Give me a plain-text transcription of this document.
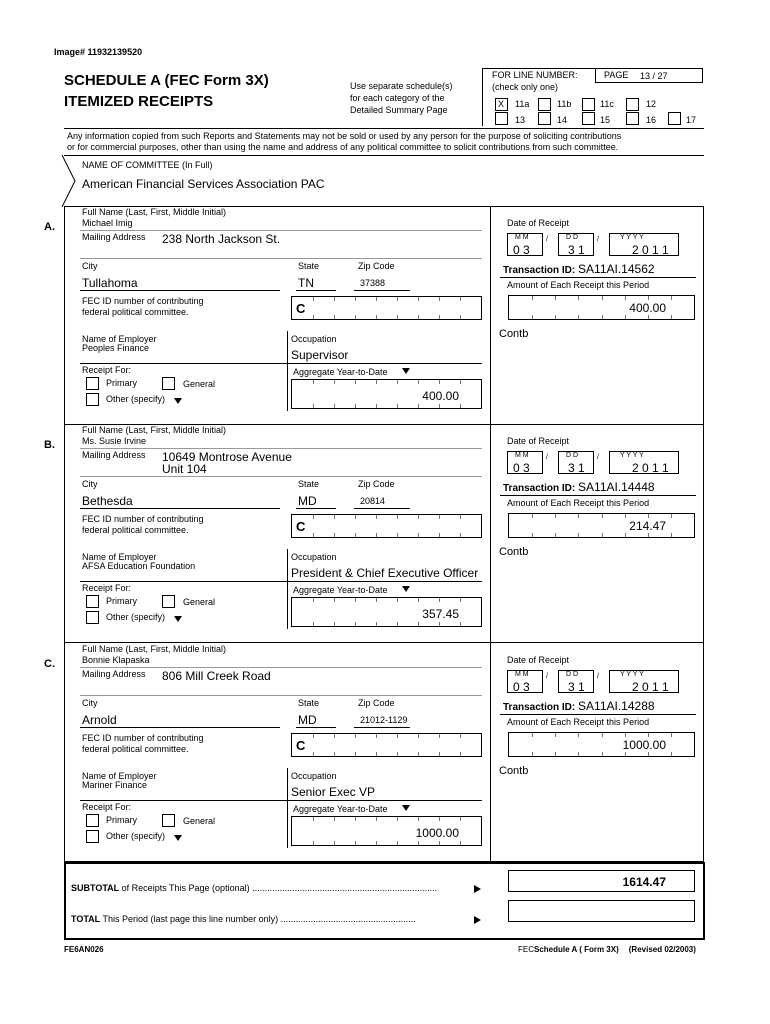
Image# 11932139520
SCHEDULE A (FEC Form 3X)
ITEMIZED RECEIPTS
Use separate schedule(s)
for each category of the
Detailed Summary Page
FOR LINE NUMBER:
(check only one)
PAGE 13 / 27
X 11a	11b	11c	12
13	14	15	16	17
Any information copied from such Reports and Statements may not be sold or used by any person for the purpose of soliciting contributions
or for commercial purposes, other than using the name and address of any political committee to solicit contributions from such committee.
NAME OF COMMITTEE (In Full)
American Financial Services Association PAC
A.
Full Name (Last, First, Middle Initial)
Michael Imig
Mailing Address 238 North Jackson St.
City	State	Zip Code
Tullahoma	TN	37388
FEC ID number of contributing
federal political committee.	C
Name of Employer
Peoples Finance
Occupation
Supervisor
Receipt For:
Primary	General
Other (specify)
Aggregate Year-to-Date
400.00
Date of Receipt
M M
0 3
/	D D
3 1
/	Y Y Y Y
2 0 1 1
Transaction ID: SA11AI.14562
Amount of Each Receipt this Period
400.00
Contb
B.
Full Name (Last, First, Middle Initial)
Ms. Susie Irvine
Mailing Address 10649 Montrose Avenue
Unit 104
City	State	Zip Code
Bethesda	MD	20814
FEC ID number of contributing
federal political committee.	C
Name of Employer
AFSA Education Foundation
Occupation
President & Chief Executive Officer
Receipt For:
Primary	General
Other (specify)
Aggregate Year-to-Date
357.45
Date of Receipt
M M
0 3
/	D D
3 1
/	Y Y Y Y
2 0 1 1
Transaction ID: SA11AI.14448
Amount of Each Receipt this Period
214.47
Contb
C.
Full Name (Last, First, Middle Initial)
Bonnie Klapaska
Mailing Address 806 Mill Creek Road
City	State	Zip Code
Arnold	MD	21012-1129
FEC ID number of contributing
federal political committee.	C
Name of Employer
Mariner Finance
Occupation
Senior Exec VP
Receipt For:
Primary	General
Other (specify)
Aggregate Year-to-Date
1000.00
Date of Receipt
M M
0 3
/	D D
3 1
/	Y Y Y Y
2 0 1 1
Transaction ID: SA11AI.14288
Amount of Each Receipt this Period
1000.00
Contb
SUBTOTAL of Receipts This Page (optional) ..........................................................................	1614.47
TOTAL This Period (last page this line number only) ......................................................
FE6AN026	FECSchedule A ( Form 3X) (Revised 02/2003)
